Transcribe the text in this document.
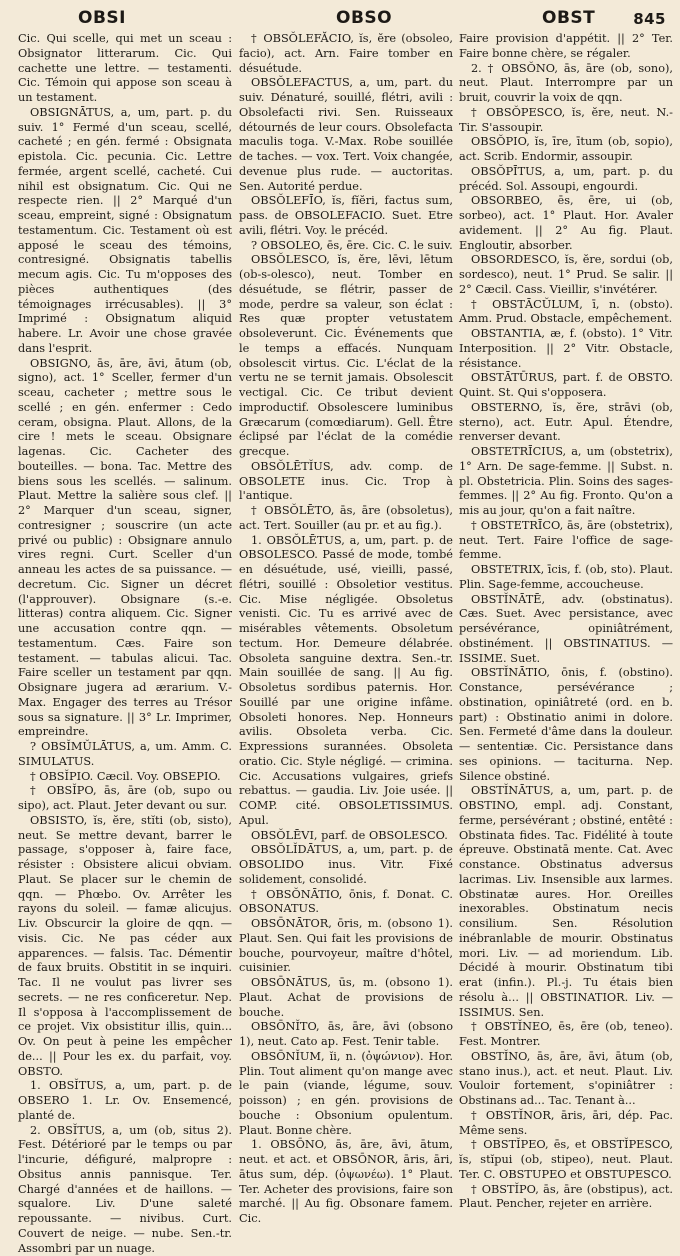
OBSI	OBSO	OBST	845

Cic. Qui scelle, qui met un sceau : Obsignator litterarum. Cic. Qui cachette une lettre. — testamenti. Cic. Témoin qui appose son sceau à un testament.

OBSIGNĀTUS, a, um, part. p. du suiv. 1° Fermé d'un sceau, scellé, cacheté ; en gén. fermé : Obsignata epistola. Cic. pecunia. Cic. Lettre fermée, argent scellé, cacheté. Cui nihil est obsignatum. Cic. Qui ne respecte rien. || 2° Marqué d'un sceau, empreint, signé : Obsignatum testamentum. Cic. Testament où est apposé le sceau des témoins, contresigné. Obsignatis tabellis mecum agis. Cic. Tu m'opposes des pièces authentiques (des témoignages irrécusables). || 3° Imprimé : Obsignatum aliquid habere. Lr. Avoir une chose gravée dans l'esprit.

OBSIGNO, ās, āre, āvi, ātum (ob, signo), act. 1° Sceller, fermer d'un sceau, cacheter ; mettre sous le scellé ; en gén. enfermer : Cedo ceram, obsigna. Plaut. Allons, de la cire ! mets le sceau. Obsignare lagenas. Cic. Cacheter des bouteilles. — bona. Tac. Mettre des biens sous les scellés. — salinum. Plaut. Mettre la salière sous clef. || 2° Marquer d'un sceau, signer, contresigner ; souscrire (un acte privé ou public) : Obsignare annulo vires regni. Curt. Sceller d'un anneau les actes de sa puissance. — decretum. Cic. Signer un décret (l'approuver). Obsignare (s.-e. litteras) contra aliquem. Cic. Signer une accusation contre qqn. — testamentum. Cæs. Faire son testament. — tabulas alicui. Tac. Faire sceller un testament par qqn. Obsignare jugera ad ærarium. V.-Max. Engager des terres au Trésor sous sa signature. || 3° Lr. Imprimer, empreindre.

? OBSĬMŬLĀTUS, a, um. Amm. C. SIMULATUS.

† OBSĬPIO. Cæcil. Voy. OBSEPIO.

† OBSĬPO, ās, āre (ob, supo ou sipo), act. Plaut. Jeter devant ou sur.

OBSISTO, ĭs, ĕre, stĭti (ob, sisto), neut. Se mettre devant, barrer le passage, s'opposer à, faire face, résister : Obsistere alicui obviam. Plaut. Se placer sur le chemin de qqn. — Phœbo. Ov. Arrêter les rayons du soleil. — famæ alicujus. Liv. Obscurcir la gloire de qqn. — visis. Cic. Ne pas céder aux apparences. — falsis. Tac. Démentir de faux bruits. Obstitit in se inquiri. Tac. Il ne voulut pas livrer ses secrets. — ne res conficeretur. Nep. Il s'opposa à l'accomplissement de ce projet. Vix obsistitur illis, quin... Ov. On peut à peine les empêcher de... || Pour les ex. du parfait, voy. OBSTO.

1. OBSĬTUS, a, um, part. p. de OBSERO 1. Lr. Ov. Ensemencé, planté de.

2. OBSĬTUS, a, um (ob, situs 2). Fest. Détérioré par le temps ou par l'incurie, défiguré, malpropre : Obsitus annis pannisque. Ter. Chargé d'années et de haillons. — squalore. Liv. D'une saleté repoussante. — nivibus. Curt. Couvert de neige. — nube. Sen.-tr. Assombri par un nuage.

† OBSŎLEFĂCIO, ĭs, ĕre (obsoleo, facio), act. Arn. Faire tomber en désuétude.

OBSŎLEFACTUS, a, um, part. du suiv. Dénaturé, souillé, flétri, avili : Obsolefacti rivi. Sen. Ruisseaux détournés de leur cours. Obsolefacta maculis toga. V.-Max. Robe souillée de taches. — vox. Tert. Voix changée, devenue plus rude. — auctoritas. Sen. Autorité perdue.

OBSŎLEFĪO, ĭs, fĭĕri, factus sum, pass. de OBSOLEFACIO. Suet. Etre avili, flétri. Voy. le précéd.

? OBSOLEO, ēs, ēre. Cic. C. le suiv.

OBSŎLESCO, ĭs, ĕre, lēvi, lētum (ob-s-olesco), neut. Tomber en désuétude, se flétrir, passer de mode, perdre sa valeur, son éclat : Res quæ propter vetustatem obsoleverunt. Cic. Événements que le temps a effacés. Nunquam obsolescit virtus. Cic. L'éclat de la vertu ne se ternit jamais. Obsolescit vectigal. Cic. Ce tribut devient improductif. Obsolescere luminibus Græcarum (comœdiarum). Gell. Être éclipsé par l'éclat de la comédie grecque.

OBSŎLĒTĬUS, adv. comp. de OBSOLETE inus. Cic. Trop à l'antique.

† OBSŎLĒTO, ās, āre (obsoletus), act. Tert. Souiller (au pr. et au fig.).

1. OBSŎLĒTUS, a, um, part. p. de OBSOLESCO. Passé de mode, tombé en désuétude, usé, vieilli, passé, flétri, souillé : Obsoletior vestitus. Cic. Mise négligée. Obsoletus venisti. Cic. Tu es arrivé avec de misérables vêtements. Obsoletum tectum. Hor. Demeure délabrée. Obsoleta sanguine dextra. Sen.-tr. Main souillée de sang. || Au fig. Obsoletus sordibus paternis. Hor. Souillé par une origine infâme. Obsoleti honores. Nep. Honneurs avilis. Obsoleta verba. Cic. Expressions surannées. Obsoleta oratio. Cic. Style négligé. — crimina. Cic. Accusations vulgaires, griefs rebattus. — gaudia. Liv. Joie usée. || COMP. cité. OBSOLETISSIMUS. Apul.

OBSŎLĒVI, parf. de OBSOLESCO.

OBSŎLĬDĀTUS, a, um, part. p. de OBSOLIDO inus. Vitr. Fixé solidement, consolidé.

† OBSŎNĀTIO, ōnis, f. Donat. C. OBSONATUS.

OBSŌNĀTOR, ōris, m. (obsono 1). Plaut. Sen. Qui fait les provisions de bouche, pourvoyeur, maître d'hôtel, cuisinier.

OBSŌNĀTUS, ūs, m. (obsono 1). Plaut. Achat de provisions de bouche.

OBSŌNĬTO, ās, āre, āvi (obsono 1), neut. Cato ap. Fest. Tenir table.

OBSŌNĬUM, ĭi, n. (ὀψώνιον). Hor. Plin. Tout aliment qu'on mange avec le pain (viande, légume, souv. poisson) ; en gén. provisions de bouche : Obsonium opulentum. Plaut. Bonne chère.

1. OBSŌNO, ās, āre, āvi, ātum, neut. et act. et OBSŌNOR, āris, āri, ātus sum, dép. (ὀψωνέω). 1° Plaut. Ter. Acheter des provisions, faire son marché. || Au fig. Obsonare famem. Cic.

Faire provision d'appétit. || 2° Ter. Faire bonne chère, se régaler.

2. † OBSŎNO, ās, āre (ob, sono), neut. Plaut. Interrompre par un bruit, couvrir la voix de qqn.

† OBSŎPESCO, ĭs, ĕre, neut. N.-Tir. S'assoupir.

OBSŎPIO, ĭs, īre, ītum (ob, sopio), act. Scrib. Endormir, assoupir.

OBSŎPĪTUS, a, um, part. p. du précéd. Sol. Assoupi, engourdi.

OBSORBEO, ēs, ēre, ui (ob, sorbeo), act. 1° Plaut. Hor. Avaler avidement. || 2° Au fig. Plaut. Engloutir, absorber.

OBSORDESCO, ĭs, ĕre, sordui (ob, sordesco), neut. 1° Prud. Se salir. || 2° Cæcil. Cass. Vieillir, s'invétérer.

† OBSTĀCŬLUM, ī, n. (obsto). Amm. Prud. Obstacle, empêchement.

OBSTANTIA, æ, f. (obsto). 1° Vitr. Interposition. || 2° Vitr. Obstacle, résistance.

OBSTĀTŪRUS, part. f. de OBSTO. Quint. St. Qui s'opposera.

OBSTERNO, ĭs, ĕre, strāvi (ob, sterno), act. Eutr. Apul. Étendre, renverser devant.

OBSTETRĪCIUS, a, um (obstetrix), 1° Arn. De sage-femme. || Subst. n. pl. Obstetricia. Plin. Soins des sages-femmes. || 2° Au fig. Fronto. Qu'on a mis au jour, qu'on a fait naître.

† OBSTETRĪCO, ās, āre (obstetrix), neut. Tert. Faire l'office de sage-femme.

OBSTETRIX, īcis, f. (ob, sto). Plaut. Plin. Sage-femme, accoucheuse.

OBSTĬNĀTĒ, adv. (obstinatus). Cæs. Suet. Avec persistance, avec persévérance, opiniâtrément, obstinément. || OBSTINATIUS. — ISSIME. Suet.

OBSTĬNĀTIO, ōnis, f. (obstino). Constance, persévérance ; obstination, opiniâtreté (ord. en b. part) : Obstinatio animi in dolore. Sen. Fermeté d'âme dans la douleur. — sententiæ. Cic. Persistance dans ses opinions. — taciturna. Nep. Silence obstiné.

OBSTĬNĀTUS, a, um, part. p. de OBSTINO, empl. adj. Constant, ferme, persévérant ; obstiné, entêté : Obstinata fides. Tac. Fidélité à toute épreuve. Obstinatā mente. Cat. Avec constance. Obstinatus adversus lacrimas. Liv. Insensible aux larmes. Obstinatæ aures. Hor. Oreilles inexorables. Obstinatum necis consilium. Sen. Résolution inébranlable de mourir. Obstinatus mori. Liv. — ad moriendum. Lib. Décidé à mourir. Obstinatum tibi erat (infin.). Pl.-j. Tu étais bien résolu à... || OBSTINATIOR. Liv. — ISSIMUS. Sen.

† OBSTĬNEO, ēs, ēre (ob, teneo). Fest. Montrer.

OBSTĬNO, ās, āre, āvi, ātum (ob, stano inus.), act. et neut. Plaut. Liv. Vouloir fortement, s'opiniâtrer : Obstinans ad... Tac. Tenant à...

† OBSTĬNOR, āris, āri, dép. Pac. Même sens.

† OBSTĬPEO, ēs, et OBSTĬPESCO, ĭs, stĭpui (ob, stipeo), neut. Plaut. Ter. C. OBSTUPEO et OBSTUPESCO.

† OBSTĬPO, ās, āre (obstipus), act. Plaut. Pencher, rejeter en arrière.
